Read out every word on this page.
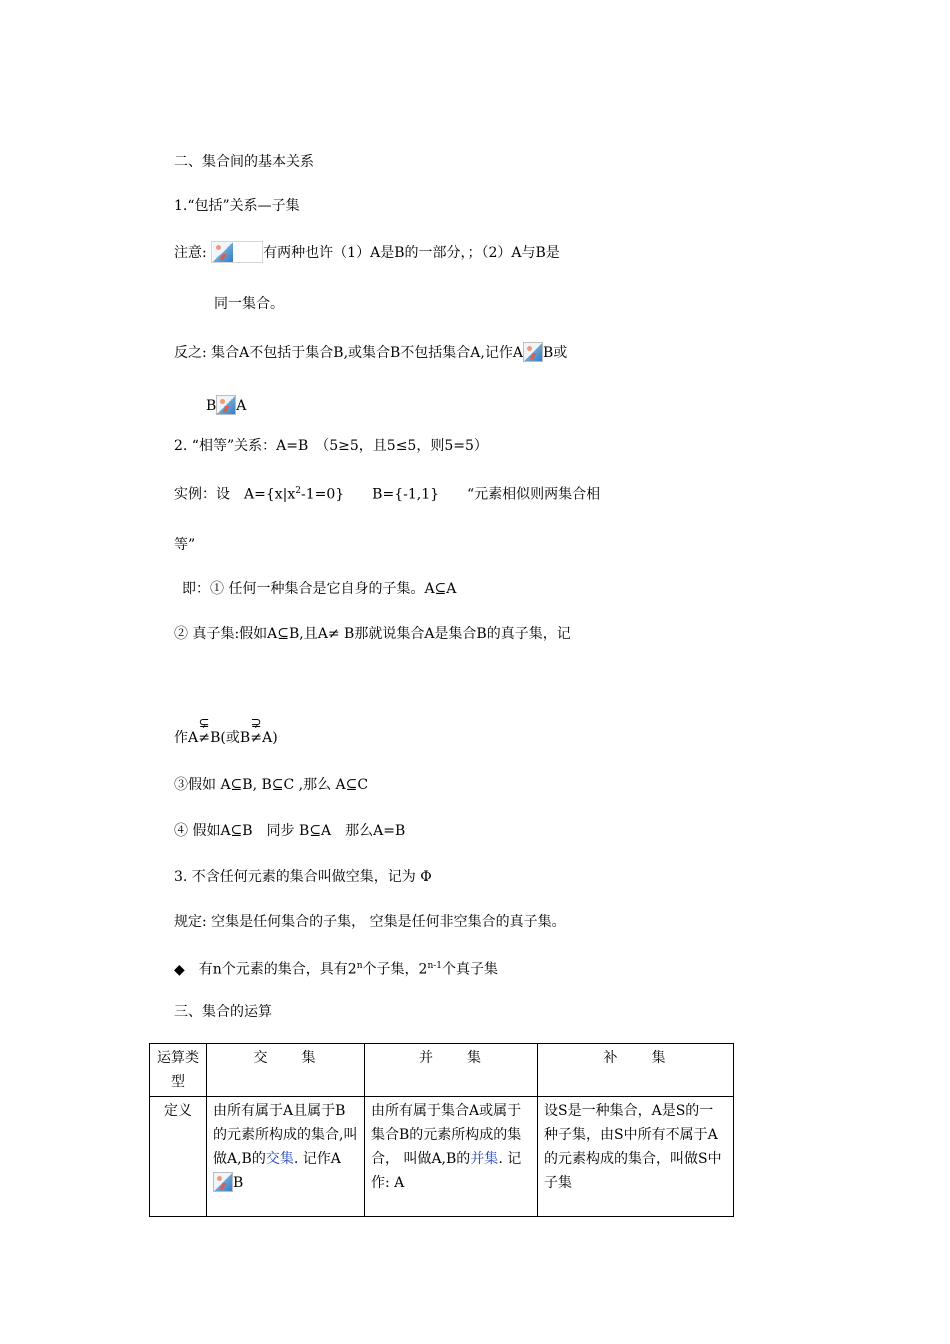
二、集合间的基本关系
1.“包括”关系—子集
注意:	有两种也许（1）A是B的一部分，；（2）A与B是
同一集合。
反之: 集合A不包括于集合B,或集合B不包括集合A,记作A B或
B A
2. “相等”关系：A=B　（5≥5，且5≤5，则5=5）
实例：设　$A=\{x|x^2-1=0\}$　　B={-1,1}　　“元素相似则两集合相
等”
即：① 任何一种集合是它自身的子集。A⊆A
② 真子集:假如A⊆B,且A≠ B那就说集合A是集合B的真子集，记
作A
⊊
≠B(或B
⊋
≠A)
③假如 A⊆B, B⊆C ,那么 A⊆C
④ 假如A⊆B　同步 B⊆A　那么A=B
3. 不含任何元素的集合叫做空集，记为 Φ
规定: 空集是任何集合的子集， 空集是任何非空集合的真子集。
◆ 有n个元素的集合，具有2$^n$个子集，2$^{n-1}$个真子集
三、集合的运算
运算类型	交　　集	并　　集	补　　集
定义	由所有属于A且属于B的元素所构成的集合,叫做A,B的交集. 记作AB	由所有属于集合A或属于集合B的元素所构成的集合， 叫做A,B的并集. 记作: A	设S是一种集合，A是S的一种子集，由S中所有不属于A的元素构成的集合，叫做S中子集
